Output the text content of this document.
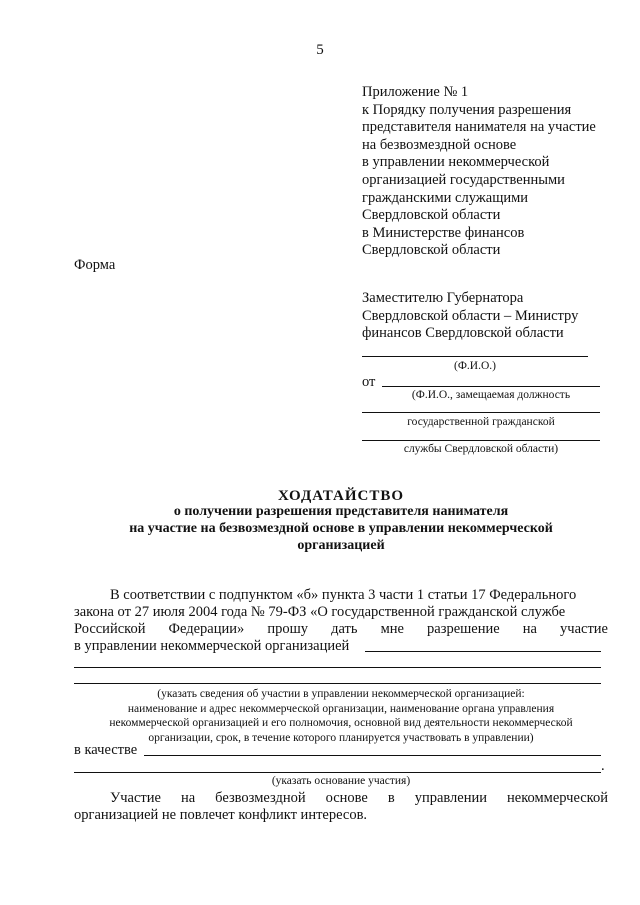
5
Приложение № 1
к Порядку получения разрешения
представителя нанимателя на участие
на безвозмездной основе
в управлении некоммерческой
организацией государственными
гражданскими служащими
Свердловской области
в Министерстве финансов
Свердловской области
Форма
Заместителю Губернатора
Свердловской области – Министру
финансов Свердловской области
(Ф.И.О.)
от
(Ф.И.О., замещаемая должность
государственной гражданской
службы Свердловской области)
ХОДАТАЙСТВО
о получении разрешения представителя нанимателя
на участие на безвозмездной основе в управлении некоммерческой
организацией
В соответствии с подпунктом «б» пункта 3 части 1 статьи 17 Федерального
закона от 27 июля 2004 года № 79-ФЗ «О государственной гражданской службе
Российской Федерации» прошу дать мне разрешение на участие
в управлении некоммерческой организацией
(указать сведения об участии в управлении некоммерческой организацией:
наименование и адрес некоммерческой организации, наименование органа управления
некоммерческой организацией и его полномочия, основной вид деятельности некоммерческой
организации, срок, в течение которого планируется участвовать в управлении)
в качестве
.
(указать основание участия)
Участие на безвозмездной основе в управлении некоммерческой
организацией не повлечет конфликт интересов.
